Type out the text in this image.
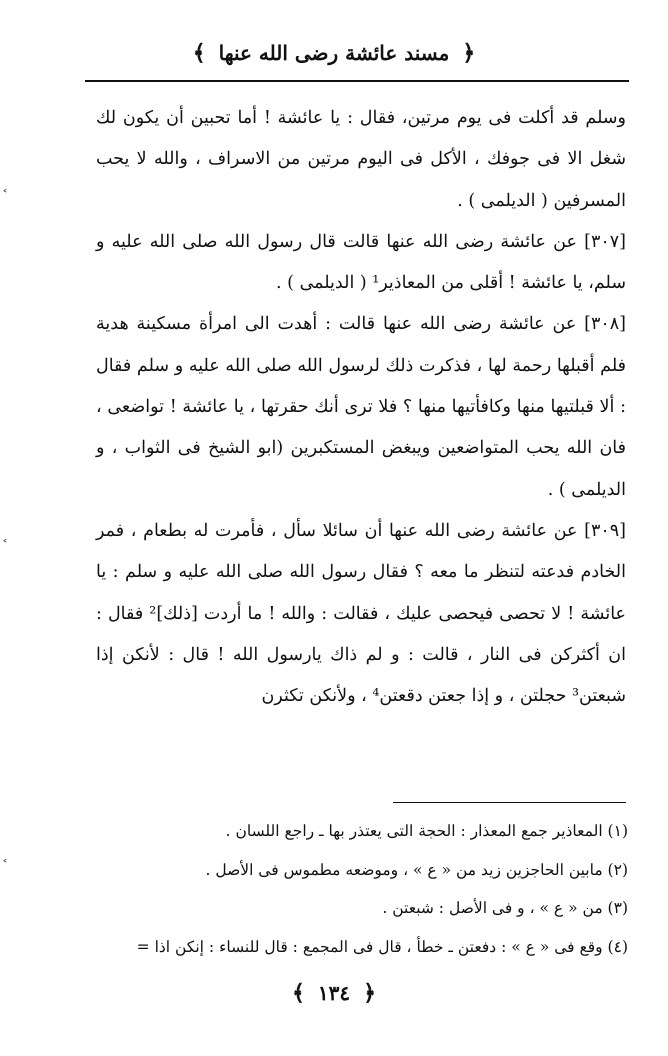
﴾ مسند عائشة رضى الله عنها ﴿

وسلم قد أكلت فى يوم مرتين، فقال : يا عائشة ! أما تحبين أن يكون لك شغل الا فى جوفك ، الأكل فى اليوم مرتين من الاسراف ، والله لا يحب المسرفين ( الديلمى ) .

[٣٠٧] عن عائشة رضى الله عنها قالت قال رسول الله صلى الله عليه و سلم، يا عائشة ! أقلى من المعاذير¹ ( الديلمى ) .

[٣٠٨] عن عائشة رضى الله عنها قالت : أهدت الى امرأة مسكينة هدية فلم أقبلها رحمة لها ، فذكرت ذلك لرسول الله صلى الله عليه و سلم فقال : ألا قبلتيها منها وكافأتيها منها ؟ فلا ترى أنك حقرتها ، يا عائشة ! تواضعى ، فان الله يحب المتواضعين ويبغض المستكبرين (ابو الشيخ فى الثواب ، و الديلمى ) .

[٣٠٩] عن عائشة رضى الله عنها أن سائلا سأل ، فأمرت له بطعام ، فمر الخادم فدعته لتنظر ما معه ؟ فقال رسول الله صلى الله عليه و سلم : يا عائشة ! لا تحصى فيحصى عليك ، فقالت : والله ! ما أردت [ذلك]² فقال : ان أكثركن فى النار ، قالت : و لم ذاك يارسول الله ! قال : لأنكن إذا شبعتن³ حجلتن ، و إذا جعتن دقعتن⁴ ، ولأنكن تكثرن

(١) المعاذير جمع المعذار : الحجة التى يعتذر بها ـ راجع اللسان .

(٢) مابين الحاجزين زيد من « ع » ، وموضعه مطموس فى الأصل .

(٣) من « ع » ، و فى الأصل : شبعتن .

(٤) وقع فى « ع » : دفعتن ـ خطأ ، قال فى المجمع : قال للنساء : إنكن اذا =

﴾ ١٣٤ ﴿
˂
˂
˂
